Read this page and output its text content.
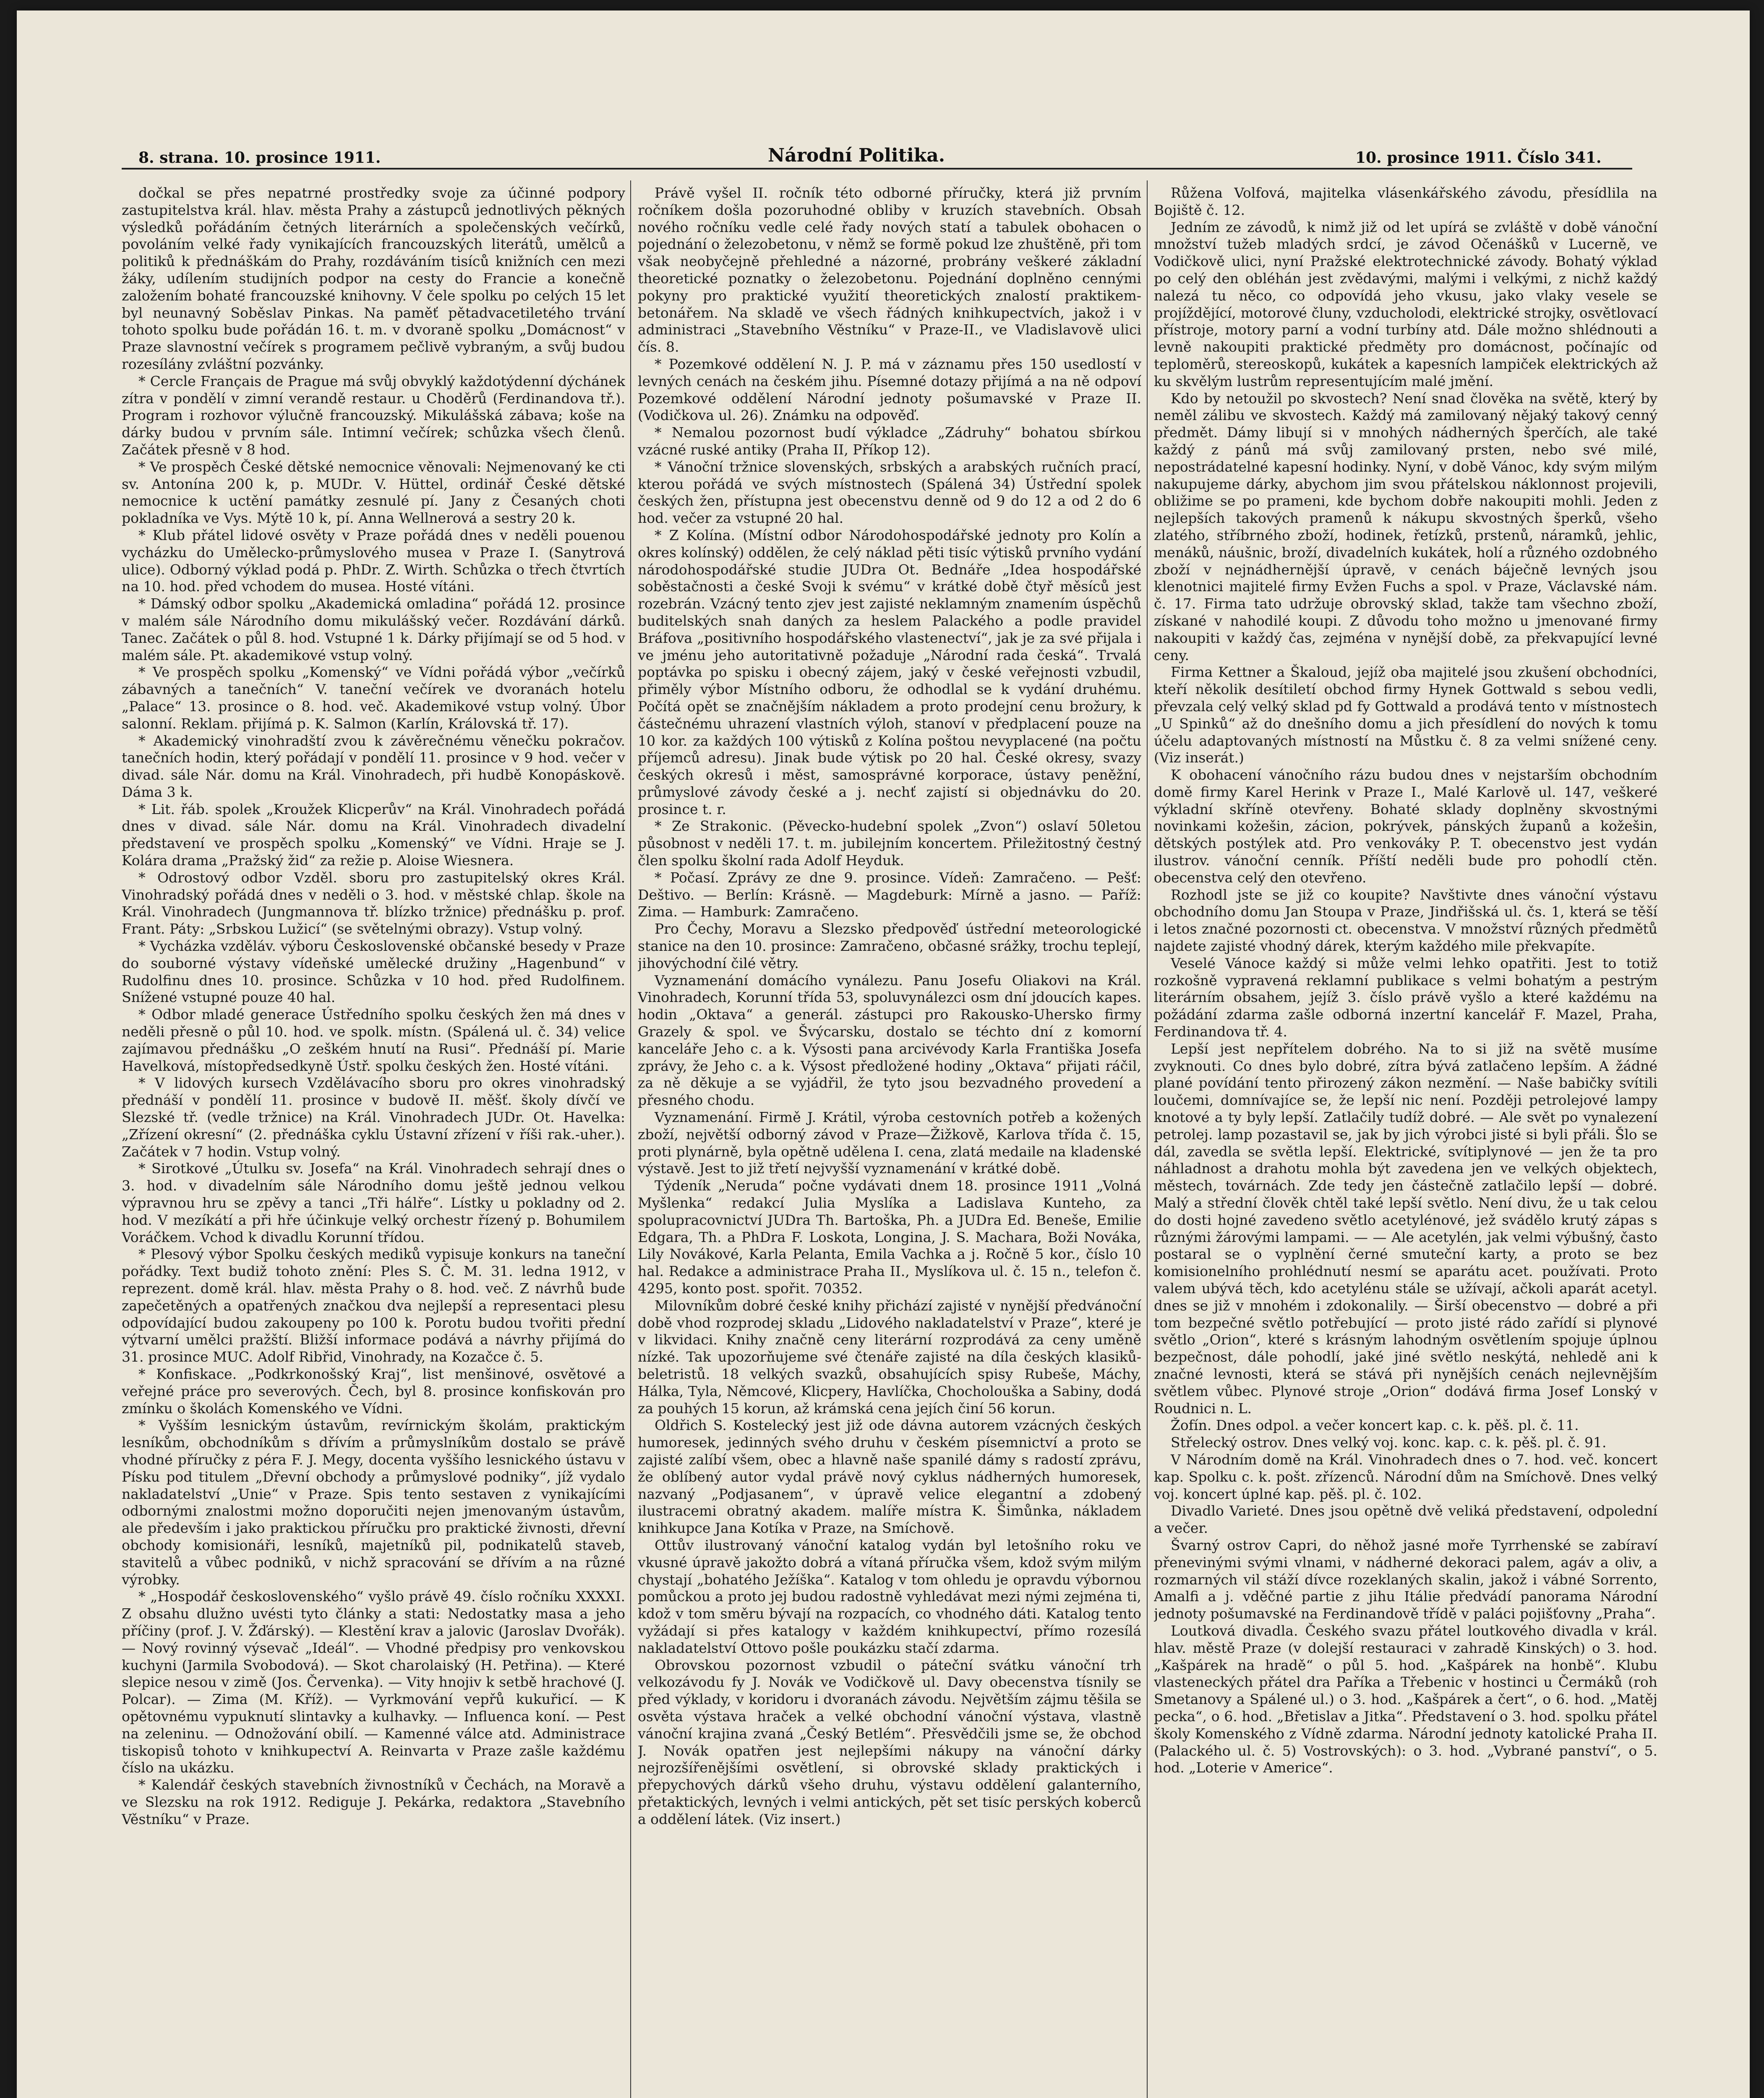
8. strana. 10. prosince 1911.	Národní Politika.	10. prosince 1911. Číslo 341.

dočkal se přes nepatrné prostředky svoje za účinné podpory zastupitelstva král. hlav. města Prahy a zástupců jednotlivých pěkných výsledků pořádáním četných literárních a společenských večírků, povoláním velké řady vynikajících francouzských literátů, umělců a politiků k přednáškám do Prahy, rozdáváním tisíců knižních cen mezi žáky, udílením studijních podpor na cesty do Francie a konečně založením bohaté francouzské knihovny. V čele spolku po celých 15 let byl neunavný Soběslav Pinkas. Na paměť pětadvacetiletého trvání tohoto spolku bude pořádán 16. t. m. v dvoraně spolku „Domácnost“ v Praze slavnostní večírek s programem pečlivě vybraným, a svůj budou rozesílány zvláštní pozvánky.

* Cercle Français de Prague má svůj obvyklý každotýdenní dýchánek zítra v pondělí v zimní verandě restaur. u Choděrů (Ferdinandova tř.). Program i rozhovor výlučně francouzský. Mikulášská zábava; koše na dárky budou v prvním sále. Intimní večírek; schůzka všech členů. Začátek přesně v 8 hod.

* Ve prospěch České dětské nemocnice věnovali: Nejmenovaný ke cti sv. Antonína 200 k, p. MUDr. V. Hüttel, ordinář České dětské nemocnice k uctění památky zesnulé pí. Jany z Česaných choti pokladníka ve Vys. Mýtě 10 k, pí. Anna Wellnerová a sestry 20 k.

* Klub přátel lidové osvěty v Praze pořádá dnes v neděli pouenou vycházku do Umělecko-průmyslového musea v Praze I. (Sanytrová ulice). Odborný výklad podá p. PhDr. Z. Wirth. Schůzka o třech čtvrtích na 10. hod. před vchodem do musea. Hosté vítáni.

* Dámský odbor spolku „Akademická omladina“ pořádá 12. prosince v malém sále Národního domu mikulášský večer. Rozdávání dárků. Tanec. Začátek o půl 8. hod. Vstupné 1 k. Dárky přijímají se od 5 hod. v malém sále. Pt. akademikové vstup volný.

* Ve prospěch spolku „Komenský“ ve Vídni pořádá výbor „večírků zábavných a tanečních“ V. taneční večírek ve dvoranách hotelu „Palace“ 13. prosince o 8. hod. več. Akademikové vstup volný. Úbor salonní. Reklam. přijímá p. K. Salmon (Karlín, Královská tř. 17).

* Akademický vinohradští zvou k závěrečnému věnečku pokračov. tanečních hodin, který pořádají v pondělí 11. prosince v 9 hod. večer v divad. sále Nár. domu na Král. Vinohradech, při hudbě Konopáskově. Dáma 3 k.

* Lit. řáb. spolek „Kroužek Klicperův“ na Král. Vinohradech pořádá dnes v divad. sále Nár. domu na Král. Vinohradech divadelní představení ve prospěch spolku „Komenský“ ve Vídni. Hraje se J. Kolára drama „Pražský žid“ za režie p. Aloise Wiesnera.

* Odrostový odbor Vzděl. sboru pro zastupitelský okres Král. Vinohradský pořádá dnes v neděli o 3. hod. v městské chlap. škole na Král. Vinohradech (Jungmannova tř. blízko tržnice) přednášku p. prof. Frant. Páty: „Srbskou Lužicí“ (se světelnými obrazy). Vstup volný.

* Vycházka vzděláv. výboru Československé občanské besedy v Praze do souborné výstavy vídeňské umělecké družiny „Hagenbund“ v Rudolfinu dnes 10. prosince. Schůzka v 10 hod. před Rudolfinem. Snížené vstupné pouze 40 hal.

* Odbor mladé generace Ústředního spolku českých žen má dnes v neděli přesně o půl 10. hod. ve spolk. místn. (Spálená ul. č. 34) velice zajímavou přednášku „O zeškém hnutí na Rusi“. Přednáší pí. Marie Havelková, místopředsedkyně Ústř. spolku českých žen. Hosté vítáni.

* V lidových kursech Vzdělávacího sboru pro okres vinohradský přednáší v pondělí 11. prosince v budově II. měšť. školy dívčí ve Slezské tř. (vedle tržnice) na Král. Vinohradech JUDr. Ot. Havelka: „Zřízení okresní“ (2. přednáška cyklu Ústavní zřízení v říši rak.-uher.). Začátek v 7 hodin. Vstup volný.

* Sirotkové „Útulku sv. Josefa“ na Král. Vinohradech sehrají dnes o 3. hod. v divadelním sále Národního domu ještě jednou velkou výpravnou hru se zpěvy a tanci „Tři hálře“. Lístky u pokladny od 2. hod. V mezíkátí a při hře účinkuje velký orchestr řízený p. Bohumilem Voráčkem. Vchod k divadlu Korunní třídou.

* Plesový výbor Spolku českých mediků vypisuje konkurs na taneční pořádky. Text budiž tohoto znění: Ples S. Č. M. 31. ledna 1912, v reprezent. domě král. hlav. města Prahy o 8. hod. več. Z návrhů bude zapečetěných a opatřených značkou dva nejlepší a representaci plesu odpovídající budou zakoupeny po 100 k. Porotu budou tvořiti přední výtvarní umělci pražští. Bližší informace podává a návrhy přijímá do 31. prosince MUC. Adolf Ribřid, Vinohrady, na Kozačce č. 5.

* Konfiskace. „Podkrkonošský Kraj“, list menšinové, osvětové a veřejné práce pro severových. Čech, byl 8. prosince konfiskován pro zmínku o školách Komenského ve Vídni.

* Vyšším lesnickým ústavům, revírnickým školám, praktickým lesníkům, obchodníkům s dřívím a průmyslníkům dostalo se právě vhodné příručky z péra F. J. Megy, docenta vyššího lesnického ústavu v Písku pod titulem „Dřevní obchody a průmyslové podniky“, jíž vydalo nakladatelství „Unie“ v Praze. Spis tento sestaven z vynikajícími odbornými znalostmi možno doporučiti nejen jmenovaným ústavům, ale především i jako praktickou příručku pro praktické živnosti, dřevní obchody komisionáři, lesníků, majetníků pil, podnikatelů staveb, stavitelů a vůbec podniků, v nichž spracování se dřívím a na různé výrobky.

* „Hospodář československého“ vyšlo právě 49. číslo ročníku XXXXI. Z obsahu dlužno uvésti tyto články a stati: Nedostatky masa a jeho příčiny (prof. J. V. Žďárský). — Klestění krav a jalovic (Jaroslav Dvořák). — Nový rovinný výsevač „Ideál“. — Vhodné předpisy pro venkovskou kuchyni (Jarmila Svobodová). — Skot charolaiský (H. Petřina). — Které slepice nesou v zimě (Jos. Červenka). — Vity hnojiv k setbě hrachové (J. Polcar). — Zima (M. Kříž). — Vyrkmování vepřů kukuřicí. — K opětovnému vypuknutí slintavky a kulhavky. — Influenca koní. — Pest na zeleninu. — Odnožování obilí. — Kamenné válce atd. Administrace tiskopisů tohoto v knihkupectví A. Reinvarta v Praze zašle každému číslo na ukázku.

* Kalendář českých stavebních živnostníků v Čechách, na Moravě a ve Slezsku na rok 1912. Rediguje J. Pekárka, redaktora „Stavebního Věstníku“ v Praze.

Právě vyšel II. ročník této odborné příručky, která již prvním ročníkem došla pozoruhodné obliby v kruzích stavebních. Obsah nového ročníku vedle celé řady nových statí a tabulek obohacen o pojednání o železobetonu, v němž se formě pokud lze zhuštěně, při tom však neobyčejně přehledné a názorné, probrány veškeré základní theoretické poznatky o železobetonu. Pojednání doplněno cennými pokyny pro praktické využití theoretických znalostí praktikem-betonářem. Na skladě ve všech řádných knihkupectvích, jakož i v administraci „Stavebního Věstníku“ v Praze-II., ve Vladislavově ulici čís. 8.

* Pozemkové oddělení N. J. P. má v záznamu přes 150 usedlostí v levných cenách na českém jihu. Písemné dotazy přijímá a na ně odpoví Pozemkové oddělení Národní jednoty pošumavské v Praze II. (Vodičkova ul. 26). Známku na odpověď.

* Nemalou pozornost budí výkladce „Zádruhy“ bohatou sbírkou vzácné ruské antiky (Praha II, Příkop 12).

* Vánoční tržnice slovenských, srbských a arabských ručních prací, kterou pořádá ve svých místnostech (Spálená 34) Ústřední spolek českých žen, přístupna jest obecenstvu denně od 9 do 12 a od 2 do 6 hod. večer za vstupné 20 hal.

* Z Kolína. (Místní odbor Národohospodářské jednoty pro Kolín a okres kolínský) oddělen, že celý náklad pěti tisíc výtisků prvního vydání národohospodářské studie JUDra Ot. Bednáře „Idea hospodářské soběstačnosti a české Svoji k svému“ v krátké době čtyř měsíců jest rozebrán. Vzácný tento zjev jest zajisté neklamným znamením úspěchů buditelských snah daných za heslem Palackého a podle pravidel Bráfova „positivního hospodářského vlastenectví“, jak je za své přijala i ve jménu jeho autoritativně požaduje „Národní rada česká“. Trvalá poptávka po spisku i obecný zájem, jaký v české veřejnosti vzbudil, přiměly výbor Místního odboru, že odhodlal se k vydání druhému. Počítá opět se značnějším nákladem a proto prodejní cenu brožury, k částečnému uhrazení vlastních výloh, stanoví v předplacení pouze na 10 kor. za každých 100 výtisků z Kolína poštou nevyplacené (na počtu příjemců adresu). Jinak bude výtisk po 20 hal. České okresy, svazy českých okresů i měst, samosprávné korporace, ústavy peněžní, průmyslové závody české a j. nechť zajistí si objednávku do 20. prosince t. r.

* Ze Strakonic. (Pěvecko-hudební spolek „Zvon“) oslaví 50letou působnost v neděli 17. t. m. jubilejním koncertem. Přiležitostný čestný člen spolku školní rada Adolf Heyduk.

* Počasí. Zprávy ze dne 9. prosince. Vídeň: Zamračeno. — Pešť: Deštivo. — Berlín: Krásně. — Magdeburk: Mírně a jasno. — Paříž: Zima. — Hamburk: Zamračeno.

Pro Čechy, Moravu a Slezsko předpověď ústřední meteorologické stanice na den 10. prosince: Zamračeno, občasné srážky, trochu teplejí, jihovýchodní čilé větry.

Vyznamenání domácího vynálezu. Panu Josefu Oliakovi na Král. Vinohradech, Korunní třída 53, spoluvynálezci osm dní jdoucích kapes. hodin „Oktava“ a generál. zástupci pro Rakousko-Uhersko firmy Grazely & spol. ve Švýcarsku, dostalo se téchto dní z komorní kanceláře Jeho c. a k. Výsosti pana arcivévody Karla Františka Josefa zprávy, že Jeho c. a k. Výsost předložené hodiny „Oktava“ přijati ráčil, za ně děkuje a se vyjádřil, že tyto jsou bezvadného provedení a přesného chodu.

Vyznamenání. Firmě J. Krátil, výroba cestovních potřeb a kožených zboží, největší odborný závod v Praze—Žižkově, Karlova třída č. 15, proti plynárně, byla opětně udělena I. cena, zlatá medaile na kladenské výstavě. Jest to již třetí nejvyšší vyznamenání v krátké době.

Týdeník „Neruda“ počne vydávati dnem 18. prosince 1911 „Volná Myšlenka“ redakcí Julia Myslíka a Ladislava Kunteho, za spolupracovnictví JUDra Th. Bartoška, Ph. a JUDra Ed. Beneše, Emilie Edgara, Th. a PhDra F. Loskota, Longina, J. S. Machara, Boži Nováka, Lily Novákové, Karla Pelanta, Emila Vachka a j. Ročně 5 kor., číslo 10 hal. Redakce a administrace Praha II., Myslíkova ul. č. 15 n., telefon č. 4295, konto post. spořit. 70352.

Milovníkům dobré české knihy přichází zajisté v nynější předvánoční době vhod rozprodej skladu „Lidového nakladatelství v Praze“, které je v likvidaci. Knihy značně ceny literární rozprodává za ceny uměně nízké. Tak upozorňujeme své čtenáře zajisté na díla českých klasiků-beletristů. 18 velkých svazků, obsahujících spisy Rubeše, Máchy, Hálka, Tyla, Němcové, Klicpery, Havlíčka, Chocholouška a Sabiny, dodá za pouhých 15 korun, až krámská cena jejích činí 56 korun.

Oldřich S. Kostelecký jest již ode dávna autorem vzácných českých humoresek, jedinných svého druhu v českém písemnictví a proto se zajisté zalíbí všem, obec a hlavně naše spanilé dámy s radostí zprávu, že oblíbený autor vydal právě nový cyklus nádherných humoresek, nazvaný „Podjasanem“, v úpravě velice elegantní a zdobený ilustracemi obratný akadem. malíře místra K. Šimůnka, nákladem knihkupce Jana Kotíka v Praze, na Smíchově.

Ottův ilustrovaný vánoční katalog vydán byl letošního roku ve vkusné úpravě jakožto dobrá a vítaná příručka všem, kdož svým milým chystají „bohatého Ježíška“. Katalog v tom ohledu je opravdu výbornou pomůckou a proto jej budou radostně vyhledávat mezi nými zejména ti, kdož v tom směru bývají na rozpacích, co vhodného dáti. Katalog tento vyžádají si přes katalogy v každém knihkupectví, přímo rozesílá nakladatelství Ottovo pošle poukázku stačí zdarma.

Obrovskou pozornost vzbudil o páteční svátku vánoční trh velkozávodu fy J. Novák ve Vodičkově ul. Davy obecenstva tísnily se před výklady, v koridoru i dvoranách závodu. Největším zájmu těšila se osvěta výstava hraček a velké obchodní vánoční výstava, vlastně vánoční krajina zvaná „Český Betlém“. Přesvědčili jsme se, že obchod J. Novák opatřen jest nejlepšími nákupy na vánoční dárky nejrozšířenějšími osvětlení, si obrovské sklady praktických i přepychových dárků všeho druhu, výstavu oddělení galanterního, přetaktických, levných i velmi antických, pět set tisíc perských koberců a oddělení látek. (Viz insert.)

Růžena Volfová, majitelka vlásenkářského závodu, přesídlila na Bojiště č. 12.

Jedním ze závodů, k nimž již od let upírá se zvláště v době vánoční množství tužeb mladých srdcí, je závod Očenášků v Lucerně, ve Vodičkově ulici, nyní Pražské elektrotechnické závody. Bohatý výklad po celý den obléhán jest zvědavými, malými i velkými, z nichž každý nalezá tu něco, co odpovídá jeho vkusu, jako vlaky vesele se projíždějící, motorové čluny, vzducholodi, elektrické strojky, osvětlovací přístroje, motory parní a vodní turbíny atd. Dále možno shlédnouti a levně nakoupiti praktické předměty pro domácnost, počínajíc od teploměrů, stereoskopů, kukátek a kapesních lampiček elektrických až ku skvělým lustrům representujícím malé jmění.

Kdo by netoužil po skvostech? Není snad člověka na světě, který by neměl zálibu ve skvostech. Každý má zamilovaný nějaký takový cenný předmět. Dámy libují si v mnohých nádherných šperčích, ale také každý z pánů má svůj zamilovaný prsten, nebo své milé, nepostrádatelné kapesní hodinky. Nyní, v době Vánoc, kdy svým milým nakupujeme dárky, abychom jim svou přátelskou náklonnost projevili, obližime se po prameni, kde bychom dobře nakoupiti mohli. Jeden z nejlepších takových pramenů k nákupu skvostných šperků, všeho zlatého, stříbrného zboží, hodinek, řetízků, prstenů, náramků, jehlic, menáků, náušnic, broží, divadelních kukátek, holí a různého ozdobného zboží v nejnádhernější úpravě, v cenách báječně levných jsou klenotnici majitelé firmy Evžen Fuchs a spol. v Praze, Václavské nám. č. 17. Firma tato udržuje obrovský sklad, takže tam všechno zboží, získané v nahodilé koupi. Z důvodu toho možno u jmenované firmy nakoupiti v každý čas, zejména v nynější době, za překvapující levné ceny.

Firma Kettner a Škaloud, jejíž oba majitelé jsou zkušení obchodníci, kteří několik desítiletí obchod firmy Hynek Gottwald s sebou vedli, převzala celý velký sklad pd fy Gottwald a prodává tento v místnostech „U Spinků“ až do dnešního domu a jich přesídlení do nových k tomu účelu adaptovaných místností na Můstku č. 8 za velmi snížené ceny. (Viz inserát.)

K obohacení vánočního rázu budou dnes v nejstarším obchodním domě firmy Karel Herink v Praze I., Malé Karlově ul. 147, veškeré výkladní skříně otevřeny. Bohaté sklady doplněny skvostnými novinkami kožešin, zácion, pokrývek, pánských županů a kožešin, dětských postýlek atd. Pro venkováky P. T. obecenstvo jest vydán ilustrov. vánoční cenník. Příští neděli bude pro pohodlí ctěn. obecenstva celý den otevřeno.

Rozhodl jste se již co koupite? Navštivte dnes vánoční výstavu obchodního domu Jan Stoupa v Praze, Jindřišská ul. čs. 1, která se těší i letos značné pozornosti ct. obecenstva. V množství různých předmětů najdete zajisté vhodný dárek, kterým každého mile překvapíte.

Veselé Vánoce každý si může velmi lehko opatřiti. Jest to totiž rozkošně vypravená reklamní publikace s velmi bohatým a pestrým literárním obsahem, jejíž 3. číslo právě vyšlo a které každému na požádání zdarma zašle odborná inzertní kancelář F. Mazel, Praha, Ferdinandova tř. 4.

Lepší jest nepřítelem dobrého. Na to si již na světě musíme zvyknouti. Co dnes bylo dobré, zítra bývá zatlačeno lepším. A žádné plané povídání tento přirozený zákon nezmění. — Naše babičky svítili loučemi, domnívajíce se, že lepší nic není. Později petrolejové lampy knotové a ty byly lepší. Zatlačily tudíž dobré. — Ale svět po vynalezení petrolej. lamp pozastavil se, jak by jich výrobci jisté si byli přáli. Šlo se dál, zavedla se světla lepší. Elektrické, svítiplynové — jen že ta pro náhladnost a drahotu mohla být zavedena jen ve velkých objektech, městech, továrnách. Zde tedy jen částečně zatlačilo lepší — dobré. Malý a střední člověk chtěl také lepší světlo. Není divu, že u tak celou do dosti hojné zavedeno světlo acetylénové, jež svádělo krutý zápas s různými žárovými lampami. — — Ale acetylén, jak velmi výbušný, často postaral se o vyplnění černé smuteční karty, a proto se bez komisionelního prohlédnutí nesmí se aparátu acet. používati. Proto valem ubývá těch, kdo acetylénu stále se užívají, ačkoli aparát acetyl. dnes se již v mnohém i zdokonalily. — Širší obecenstvo — dobré a při tom bezpečné světlo potřebující — proto jisté rádo zařídí si plynové světlo „Orion“, které s krásným lahodným osvětlením spojuje úplnou bezpečnost, dále pohodlí, jaké jiné světlo neskýtá, nehledě ani k značné levnosti, která se stává při nynějších cenách nejlevnějším světlem vůbec. Plynové stroje „Orion“ dodává firma Josef Lonský v Roudnici n. L.

Žofín. Dnes odpol. a večer koncert kap. c. k. pěš. pl. č. 11.

Střelecký ostrov. Dnes velký voj. konc. kap. c. k. pěš. pl. č. 91.

V Národním domě na Král. Vinohradech dnes o 7. hod. več. koncert kap. Spolku c. k. pošt. zřízenců. Národní dům na Smíchově. Dnes velký voj. koncert úplné kap. pěš. pl. č. 102.

Divadlo Varieté. Dnes jsou opětně dvě veliká představení, odpolední a večer.

Švarný ostrov Capri, do něhož jasné moře Tyrrhenské se zabíraví přenevinými svými vlnami, v nádherné dekoraci palem, agáv a oliv, a rozmarných vil stáží dívce rozeklaných skalin, jakož i vábné Sorrento, Amalfi a j. vděčné partie z jihu Itálie předvádí panorama Národní jednoty pošumavské na Ferdinandově třídě v paláci pojišťovny „Praha“.

Loutková divadla. Českého svazu přátel loutkového divadla v král. hlav. městě Praze (v dolejší restauraci v zahradě Kinských) o 3. hod. „Kašpárek na hradě“ o půl 5. hod. „Kašpárek na honbě“. Klubu vlasteneckých přátel dra Paříka a Třebenic v hostinci u Čermáků (roh Smetanovy a Spálené ul.) o 3. hod. „Kašpárek a čert“, o 6. hod. „Matěj pecka“, o 6. hod. „Břetislav a Jitka“. Představení o 3. hod. spolku přátel školy Komenského z Vídně zdarma. Národní jednoty katolické Praha II. (Palackého ul. č. 5) Vostrovských): o 3. hod. „Vybrané panství“, o 5. hod. „Loterie v Americe“.
